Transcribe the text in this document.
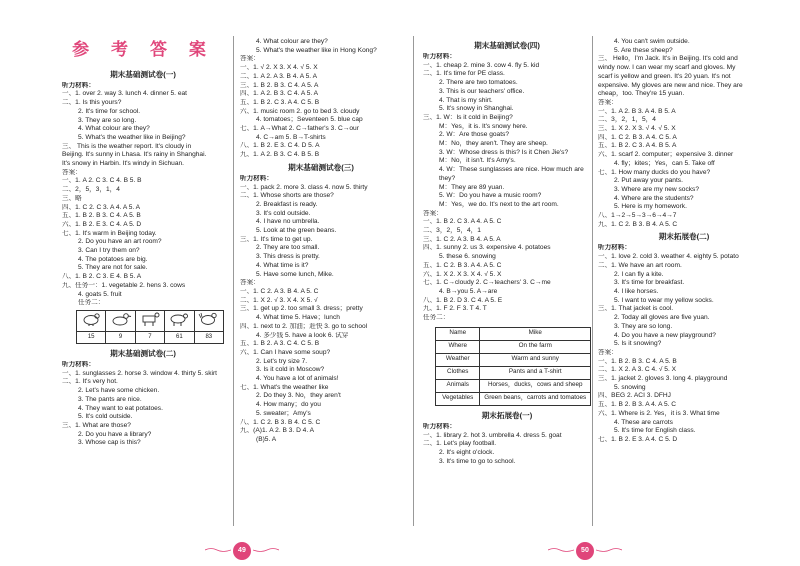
参 考 答 案
期末基础测试卷(一)
听力材料：
一、1. over 2. way 3. lunch 4. dinner 5. eat
二、1. Is this yours?
2. It's time for school.
3. They are so long.
4. What colour are they?
5. What's the weather like in Beijing?
三、 This is the weather report. It's cloudy in
Beijing. It's sunny in Lhasa. It's rainy in Shanghai.
It's snowy in Harbin. It's windy in Sichuan.
答案：
一、1. A 2. C 3. C 4. B 5. B
二、2，5，3，1，4
三、略
四、1. C 2. C 3. A 4. A 5. A
五、1. B 2. B 3. C 4. A 5. B
六、1. B 2. E 3. C 4. A 5. D
七、1. It's warm in Beijing today.
2. Do you have an art room?
3. Can I try them on?
4. The potatoes are big.
5. They are not for sale.
八、1. B 2. C 3. E 4. B 5. A
九、任务一：1. vegetable 2. hens 3. cows
4. goats 5. fruit
任务二：

15	9	7	61	83
期末基础测试卷(二)
听力材料：
一、1. sunglasses 2. horse 3. window 4. thirty 5. skirt
二、1. It's very hot.
2. Let's have some chicken.
3. The pants are nice.
4. They want to eat potatoes.
5. It's cold outside.
三、1. What are those?
2. Do you have a library?
3. Whose cap is this?
4. What colour are they?
5. What's the weather like in Hong Kong?
答案：
一、1. √ 2. X 3. X 4. √ 5. X
二、1. A 2. A 3. B 4. A 5. A
三、1. B 2. B 3. C 4. A 5. A
四、1. A 2. B 3. C 4. A 5. A
五、1. B 2. C 3. A 4. C 5. B
六、1. music room 2. go to bed 3. cloudy
4. tomatoes；Seventeen 5. blue cap
七、1. A→What 2. C→father's 3. C→our
4. C→am 5. B→T-shirts
八、1. B 2. E 3. C 4. D 5. A
九、1. A 2. B 3. C 4. B 5. B
期末基础测试卷(三)
听力材料：
一、1. pack 2. more 3. class 4. now 5. thirty
二、1. Whose shorts are those?
2. Breakfast is ready.
3. It's cold outside.
4. I have no umbrella.
5. Look at the green beans.
三、1. It's time to get up.
2. They are too small.
3. This dress is pretty.
4. What time is it?
5. Have some lunch, Mike.
答案：
一、1. C 2. A 3. B 4. A 5. C
二、1. X 2. √ 3. X 4. X 5. √
三、1. get up 2. too small 3. dress；pretty
4. What time 5. Have；lunch
四、1. next to 2. 加油；赶快 3. go to school
4. 多少钱 5. have a look 6. 试穿
五、1. B 2. A 3. C 4. C 5. B
六、1. Can I have some soup?
2. Let's try size 7.
3. Is it cold in Moscow?
4. You have a lot of animals!
七、1. What's the weather like
2. Do they 3. No，they aren't
4. How many；do you
5. sweater；Amy's
八、1. C 2. B 3. B 4. C 5. C
九、(A)1. A 2. B 3. D 4. A
(B)5. A
期末基础测试卷(四)
听力材料：
一、1. cheap 2. mine 3. cow 4. fly 5. kid
二、1. It's time for PE class.
2. There are two tomatoes.
3. This is our teachers' office.
4. That is my shirt.
5. It's snowy in Shanghai.
三、1. W：Is it cold in Beijing?
M：Yes，it is. It's snowy here.
2. W：Are those goats?
M：No，they aren't. They are sheep.
3. W：Whose dress is this? Is it Chen Jie's?
M：No，it isn't. It's Amy's.
4. W：These sunglasses are nice. How much are
they?
M：They are 89 yuan.
5. W：Do you have a music room?
M：Yes，we do. It's next to the art room.
答案：
一、1. B 2. C 3. A 4. A 5. C
二、3，2，5，4，1
三、1. C 2. A 3. B 4. A 5. A
四、1. sunny 2. us 3. expensive 4. potatoes
5. these 6. snowing
五、1. C 2. B 3. A 4. A 5. C
六、1. X 2. X 3. X 4. √ 5. X
七、1. C→cloudy 2. C→teachers' 3. C→me
4. B→you 5. A→are
八、1. B 2. D 3. C 4. A 5. E
九、1. F 2. F 3. T 4. T
任务二：
Name	Mike
Where	On the farm
Weather	Warm and sunny
Clothes	Pants and a T-shirt
Animals	Horses，ducks，cows and sheep
Vegetables	Green beans，carrots and tomatoes
期末拓展卷(一)
听力材料：
一、1. library 2. hot 3. umbrella 4. dress 5. goat
二、1. Let's play football.
2. It's eight o'clock.
3. It's time to go to school.
4. You can't swim outside.
5. Are these sheep?
三、 Hello，I'm Jack. It's in Beijing. It's cold and
windy now. I can wear my scarf and gloves. My
scarf is yellow and green. It's 20 yuan. It's not
expensive. My gloves are new and nice. They are
cheap，too. They're 15 yuan.
答案：
一、1. A 2. B 3. A 4. B 5. A
二、3，2，1，5，4
三、1. X 2. X 3. √ 4. √ 5. X
四、1. C 2. B 3. A 4. C 5. A
五、1. B 2. C 3. A 4. B 5. A
六、1. scarf 2. computer；expensive 3. dinner
4. fly；kites；Yes，can 5. Take off
七、1. How many ducks do you have?
2. Put away your pants.
3. Where are my new socks?
4. Where are the students?
5. Here is my homework.
八、1→2→5→3→6→4→7
九、1. C 2. B 3. B 4. A 5. C
期末拓展卷(二)
听力材料：
一、1. love 2. cold 3. weather 4. eighty 5. potato
二、1. We have an art room.
2. I can fly a kite.
3. It's time for breakfast.
4. I like horses.
5. I want to wear my yellow socks.
三、1. That jacket is cool.
2. Today all gloves are five yuan.
3. They are so long.
4. Do you have a new playground?
5. Is it snowing?
答案：
一、1. B 2. B 3. C 4. A 5. B
二、1. X 2. A 3. C 4. √ 5. X
三、1. jacket 2. gloves 3. long 4. playground
5. snowing
四、BEG 2. ACI 3. DFHJ
五、1. B 2. B 3. A 4. A 5. C
六、1. Where is 2. Yes，it is 3. What time
4. These are carrots
5. It's time for English class.
七、1. B 2. E 3. A 4. C 5. D
49	50
